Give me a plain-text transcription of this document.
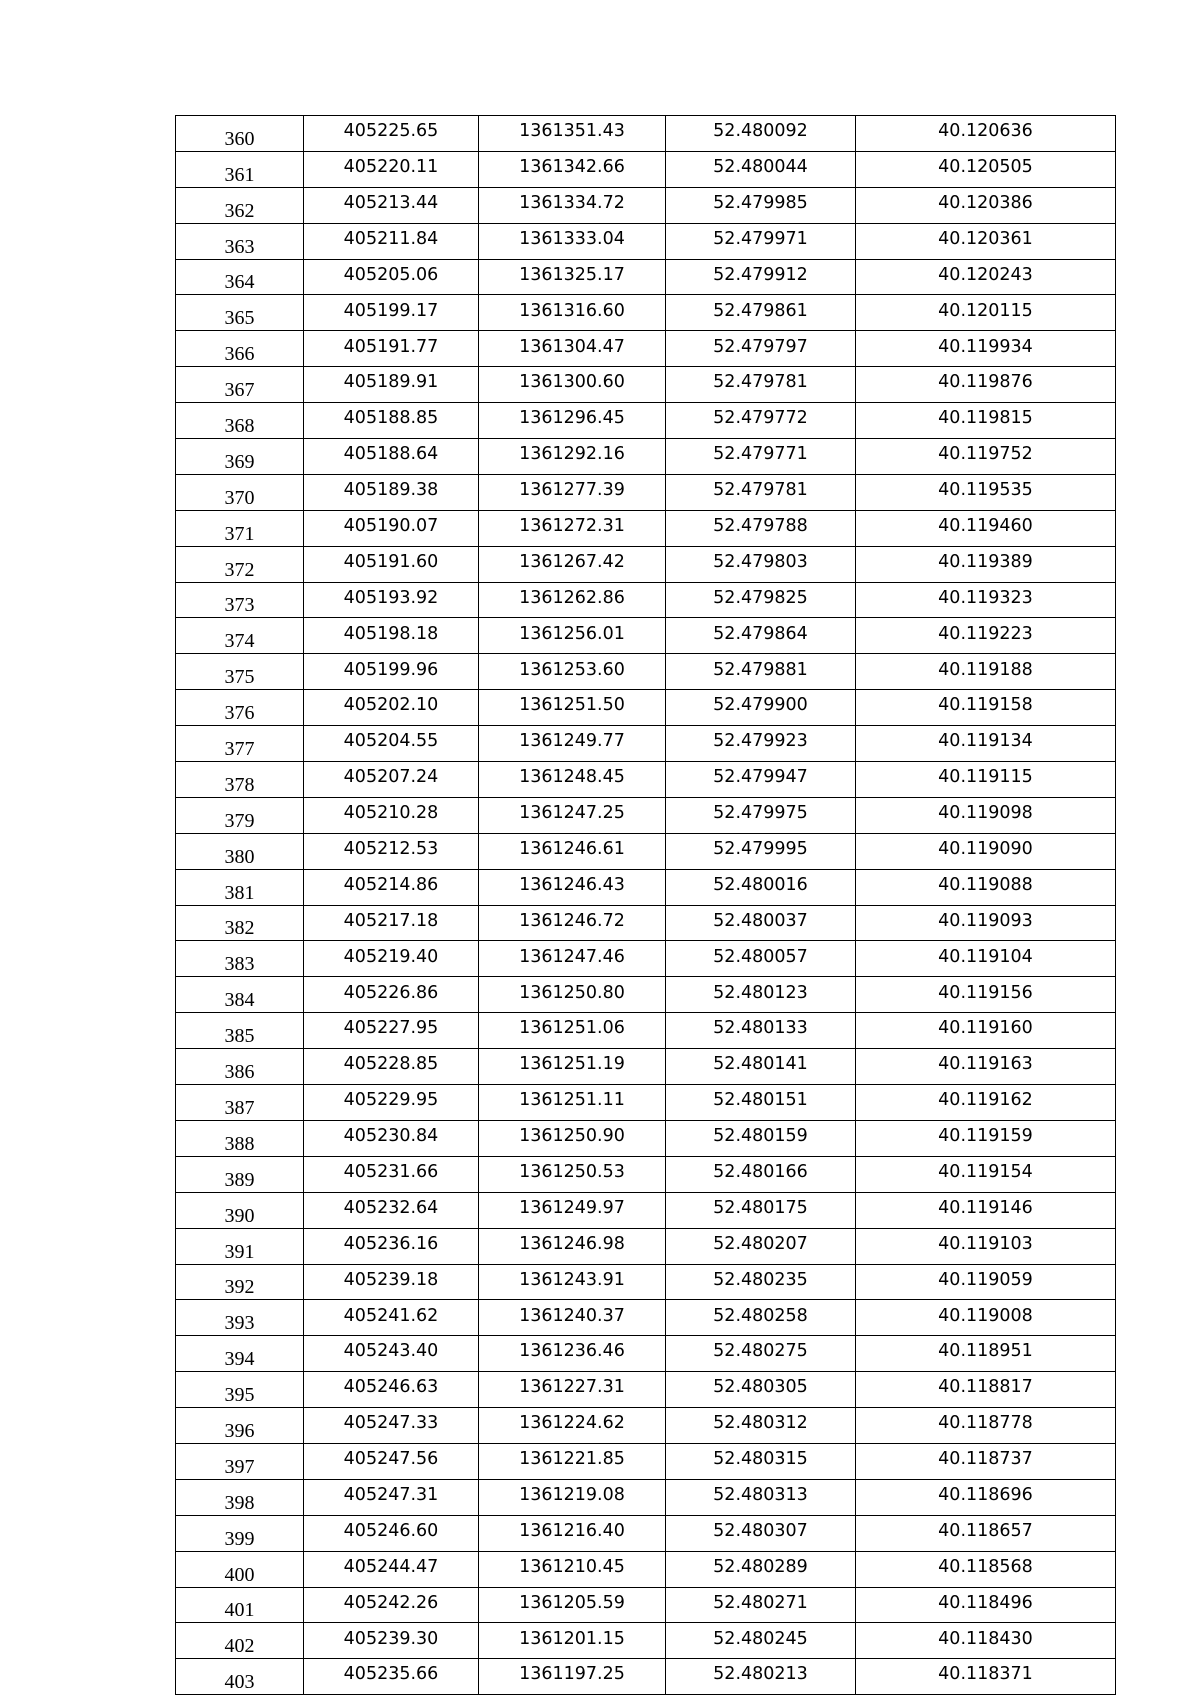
360	405225.65	1361351.43	52.480092	40.120636
361	405220.11	1361342.66	52.480044	40.120505
362	405213.44	1361334.72	52.479985	40.120386
363	405211.84	1361333.04	52.479971	40.120361
364	405205.06	1361325.17	52.479912	40.120243
365	405199.17	1361316.60	52.479861	40.120115
366	405191.77	1361304.47	52.479797	40.119934
367	405189.91	1361300.60	52.479781	40.119876
368	405188.85	1361296.45	52.479772	40.119815
369	405188.64	1361292.16	52.479771	40.119752
370	405189.38	1361277.39	52.479781	40.119535
371	405190.07	1361272.31	52.479788	40.119460
372	405191.60	1361267.42	52.479803	40.119389
373	405193.92	1361262.86	52.479825	40.119323
374	405198.18	1361256.01	52.479864	40.119223
375	405199.96	1361253.60	52.479881	40.119188
376	405202.10	1361251.50	52.479900	40.119158
377	405204.55	1361249.77	52.479923	40.119134
378	405207.24	1361248.45	52.479947	40.119115
379	405210.28	1361247.25	52.479975	40.119098
380	405212.53	1361246.61	52.479995	40.119090
381	405214.86	1361246.43	52.480016	40.119088
382	405217.18	1361246.72	52.480037	40.119093
383	405219.40	1361247.46	52.480057	40.119104
384	405226.86	1361250.80	52.480123	40.119156
385	405227.95	1361251.06	52.480133	40.119160
386	405228.85	1361251.19	52.480141	40.119163
387	405229.95	1361251.11	52.480151	40.119162
388	405230.84	1361250.90	52.480159	40.119159
389	405231.66	1361250.53	52.480166	40.119154
390	405232.64	1361249.97	52.480175	40.119146
391	405236.16	1361246.98	52.480207	40.119103
392	405239.18	1361243.91	52.480235	40.119059
393	405241.62	1361240.37	52.480258	40.119008
394	405243.40	1361236.46	52.480275	40.118951
395	405246.63	1361227.31	52.480305	40.118817
396	405247.33	1361224.62	52.480312	40.118778
397	405247.56	1361221.85	52.480315	40.118737
398	405247.31	1361219.08	52.480313	40.118696
399	405246.60	1361216.40	52.480307	40.118657
400	405244.47	1361210.45	52.480289	40.118568
401	405242.26	1361205.59	52.480271	40.118496
402	405239.30	1361201.15	52.480245	40.118430
403	405235.66	1361197.25	52.480213	40.118371
